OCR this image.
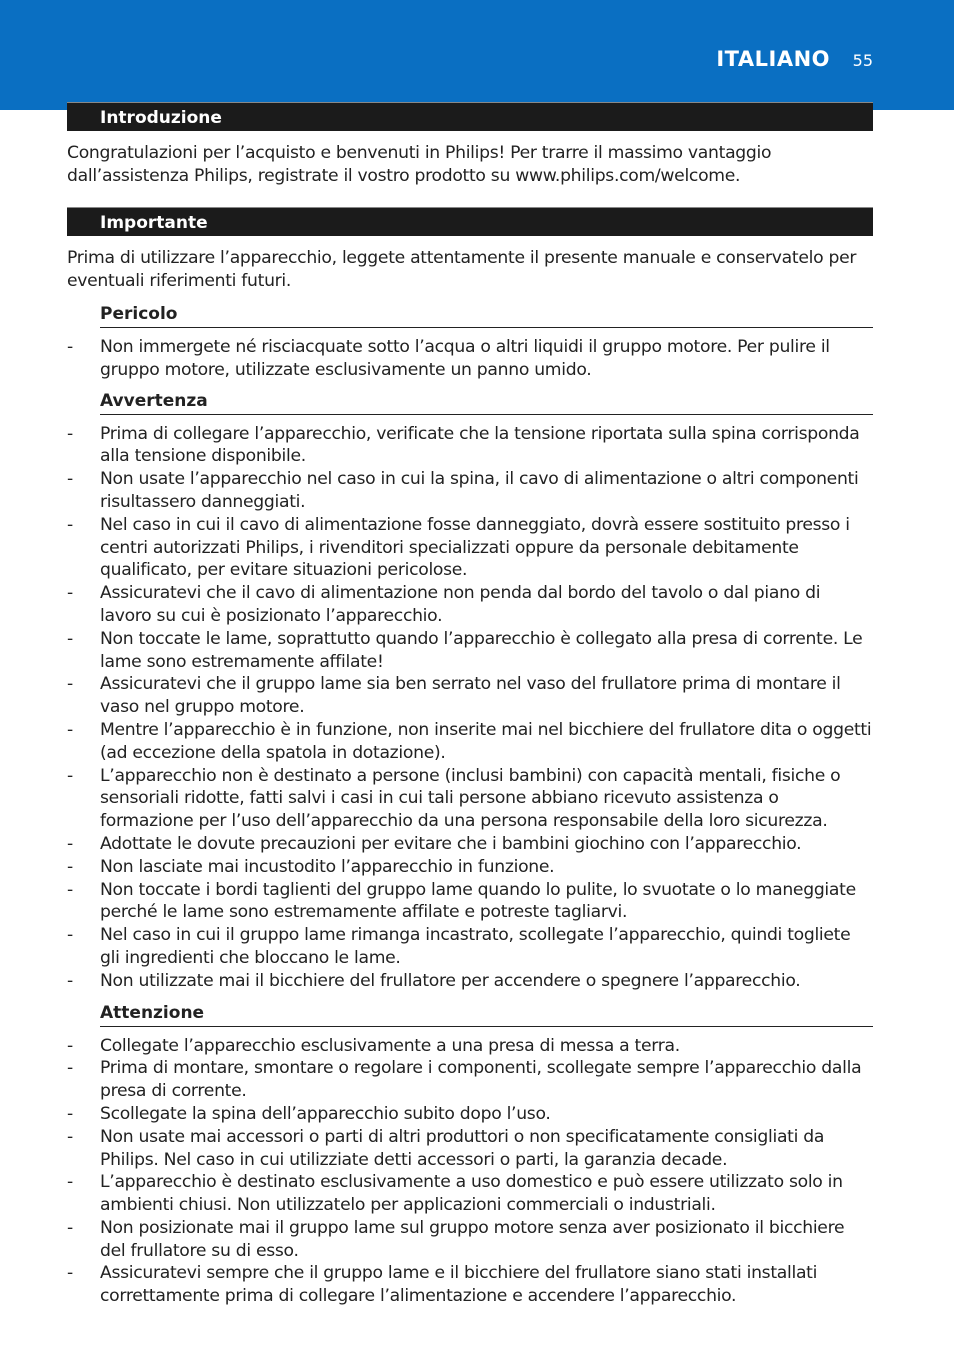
ITALIANO 55
Introduzione

Congratulazioni per l’acquisto e benvenuti in Philips! Per trarre il massimo vantaggio dall’assistenza Philips, registrate il vostro prodotto su www.philips.com/welcome.

Importante

Prima di utilizzare l’apparecchio, leggete attentamente il presente manuale e conservatelo per eventuali riferimenti futuri.

Pericolo
- Non immergete né risciacquate sotto l’acqua o altri liquidi il gruppo motore. Per pulire il gruppo motore, utilizzate esclusivamente un panno umido.
Avvertenza
- Prima di collegare l’apparecchio, verificate che la tensione riportata sulla spina corrisponda alla tensione disponibile.
- Non usate l’apparecchio nel caso in cui la spina, il cavo di alimentazione o altri componenti risultassero danneggiati.
- Nel caso in cui il cavo di alimentazione fosse danneggiato, dovrà essere sostituito presso i centri autorizzati Philips, i rivenditori specializzati oppure da personale debitamente qualificato, per evitare situazioni pericolose.
- Assicuratevi che il cavo di alimentazione non penda dal bordo del tavolo o dal piano di lavoro su cui è posizionato l’apparecchio.
- Non toccate le lame, soprattutto quando l’apparecchio è collegato alla presa di corrente. Le lame sono estremamente affilate!
- Assicuratevi che il gruppo lame sia ben serrato nel vaso del frullatore prima di montare il vaso nel gruppo motore.
- Mentre l’apparecchio è in funzione, non inserite mai nel bicchiere del frullatore dita o oggetti (ad eccezione della spatola in dotazione).
- L’apparecchio non è destinato a persone (inclusi bambini) con capacità mentali, fisiche o sensoriali ridotte, fatti salvi i casi in cui tali persone abbiano ricevuto assistenza o formazione per l’uso dell’apparecchio da una persona responsabile della loro sicurezza.
- Adottate le dovute precauzioni per evitare che i bambini giochino con l’apparecchio.
- Non lasciate mai incustodito l’apparecchio in funzione.
- Non toccate i bordi taglienti del gruppo lame quando lo pulite, lo svuotate o lo maneggiate perché le lame sono estremamente affilate e potreste tagliarvi.
- Nel caso in cui il gruppo lame rimanga incastrato, scollegate l’apparecchio, quindi togliete gli ingredienti che bloccano le lame.
- Non utilizzate mai il bicchiere del frullatore per accendere o spegnere l’apparecchio.
Attenzione
- Collegate l’apparecchio esclusivamente a una presa di messa a terra.
- Prima di montare, smontare o regolare i componenti, scollegate sempre l’apparecchio dalla presa di corrente.
- Scollegate la spina dell’apparecchio subito dopo l’uso.
- Non usate mai accessori o parti di altri produttori o non specificatamente consigliati da Philips. Nel caso in cui utilizziate detti accessori o parti, la garanzia decade.
- L’apparecchio è destinato esclusivamente a uso domestico e può essere utilizzato solo in ambienti chiusi. Non utilizzatelo per applicazioni commerciali o industriali.
- Non posizionate mai il gruppo lame sul gruppo motore senza aver posizionato il bicchiere del frullatore su di esso.
- Assicuratevi sempre che il gruppo lame e il bicchiere del frullatore siano stati installati correttamente prima di collegare l’alimentazione e accendere l’apparecchio.
